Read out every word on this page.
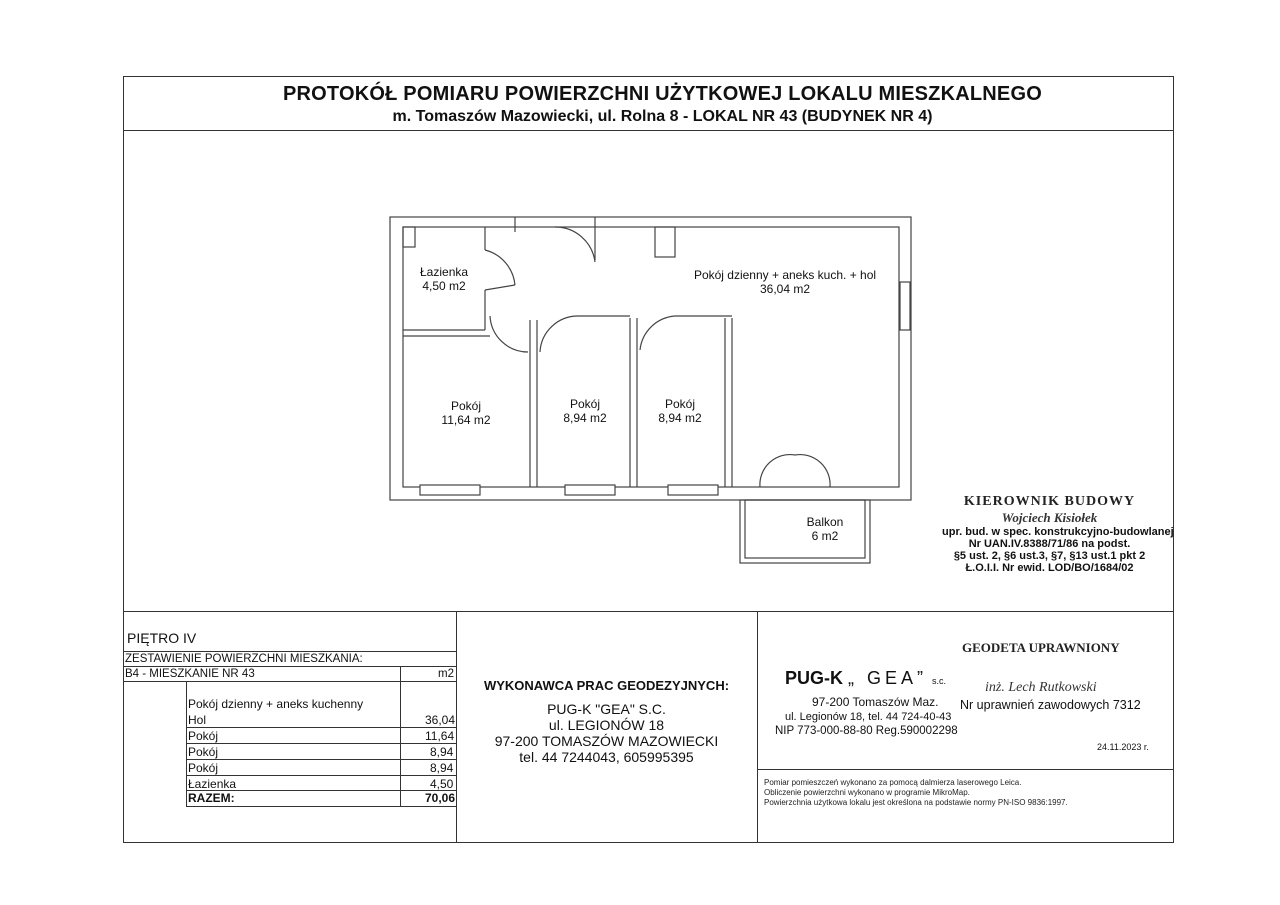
PROTOKÓŁ POMIARU POWIERZCHNI UŻYTKOWEJ LOKALU MIESZKALNEGO
m. Tomaszów Mazowiecki, ul. Rolna 8 - LOKAL NR 43 (BUDYNEK NR 4)
Łazienka
4,50 m2
Pokój dzienny + aneks kuch. + hol
36,04 m2
Pokój
11,64 m2
Pokój
8,94 m2
Pokój
8,94 m2
Balkon
6 m2
KIEROWNIK BUDOWY
Wojciech Kisiołek
upr. bud. w spec. konstrukcyjno-budowlanej
Nr UAN.IV.8388/71/86 na podst.
§5 ust. 2, §6 ust.3, §7, §13 ust.1 pkt 2
Ł.O.I.I. Nr ewid. LOD/BO/1684/02
PIĘTRO IV
ZESTAWIENIE POWIERZCHNI MIESZKANIA:
B4 - MIESZKANIE NR 43	m2
Pokój dzienny + aneks kuchenny
Hol	36,04
Pokój	11,64
Pokój	8,94
Pokój	8,94
Łazienka	4,50
RAZEM:	70,06
WYKONAWCA PRAC GEODEZYJNYCH:
PUG-K "GEA" S.C.
ul. LEGIONÓW 18
97-200 TOMASZÓW MAZOWIECKI
tel. 44 7244043, 605995395
PUG-K „ GEA” s.c.
97-200 Tomaszów Maz.
ul. Legionów 18, tel. 44 724-40-43
NIP 773-000-88-80 Reg.590002298
GEODETA UPRAWNIONY
inż. Lech Rutkowski
Nr uprawnień zawodowych 7312
24.11.2023 r.
Pomiar pomieszczeń wykonano za pomocą dalmierza laserowego Leica.
Obliczenie powierzchni wykonano w programie MikroMap.
Powierzchnia użytkowa lokalu jest określona na podstawie normy PN-ISO 9836:1997.
